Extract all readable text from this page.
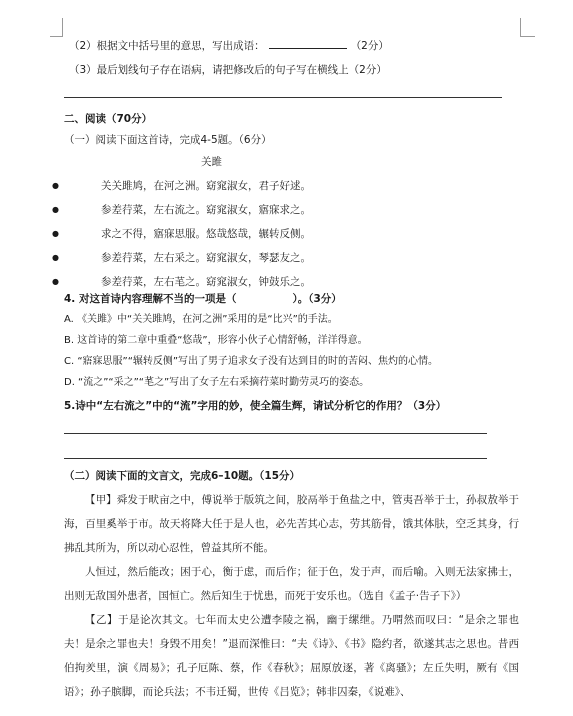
（2）根据文中括号里的意思，写出成语：	（2分）
（3）最后划线句子存在语病，请把修改后的句子写在横线上（2分）
二、阅读（70分）
（一）阅读下面这首诗，完成4-5题。（6分）
关雎
●	关关雎鸠，在河之洲。窈窕淑女，君子好逑。
●	参差荇菜，左右流之。窈窕淑女，寤寐求之。
●	求之不得，寤寐思服。悠哉悠哉，辗转反侧。
●	参差荇菜，左右采之。窈窕淑女，琴瑟友之。
●	参差荇菜，左右芼之。窈窕淑女，钟鼓乐之。
4. 对这首诗内容理解不当的一项是（	）。（3分）
A. 《关雎》中“关关雎鸠，在河之洲”采用的是“比兴”的手法。
B. 这首诗的第二章中重叠“悠哉”，形容小伙子心情舒畅，洋洋得意。
C. “寤寐思服”“辗转反侧”写出了男子追求女子没有达到目的时的苦闷、焦灼的心情。
D. “流之”“采之”“芼之”写出了女子左右采摘荇菜时勤劳灵巧的姿态。
5.诗中“左右流之”中的“流”字用的妙，使全篇生辉，请试分析它的作用？（3分）
（二）阅读下面的文言文，完成6–10题。（15分）

【甲】舜发于畎亩之中，傅说举于版筑之间，胶鬲举于鱼盐之中，管夷吾举于士，孙叔敖举于海，百里奚举于市。故天将降大任于是人也，必先苦其心志，劳其筋骨，饿其体肤，空乏其身，行拂乱其所为，所以动心忍性，曾益其所不能。

人恒过，然后能改；困于心，衡于虑，而后作；征于色，发于声，而后喻。入则无法家拂士，出则无敌国外患者，国恒亡。然后知生于忧患，而死于安乐也。（选自《孟子·告子下》）

【乙】于是论次其文。七年而太史公遭李陵之祸，幽于缧绁。乃喟然而叹曰：“是余之罪也夫！是余之罪也夫！身毁不用矣！”退而深惟曰：“夫《诗》、《书》隐约者，欲遂其志之思也。昔西伯拘羑里，演《周易》；孔子厄陈、蔡，作《春秋》；屈原放逐，著《离骚》；左丘失明，厥有《国语》；孙子膑脚，而论兵法；不韦迁蜀，世传《吕览》；韩非囚秦，《说难》、
